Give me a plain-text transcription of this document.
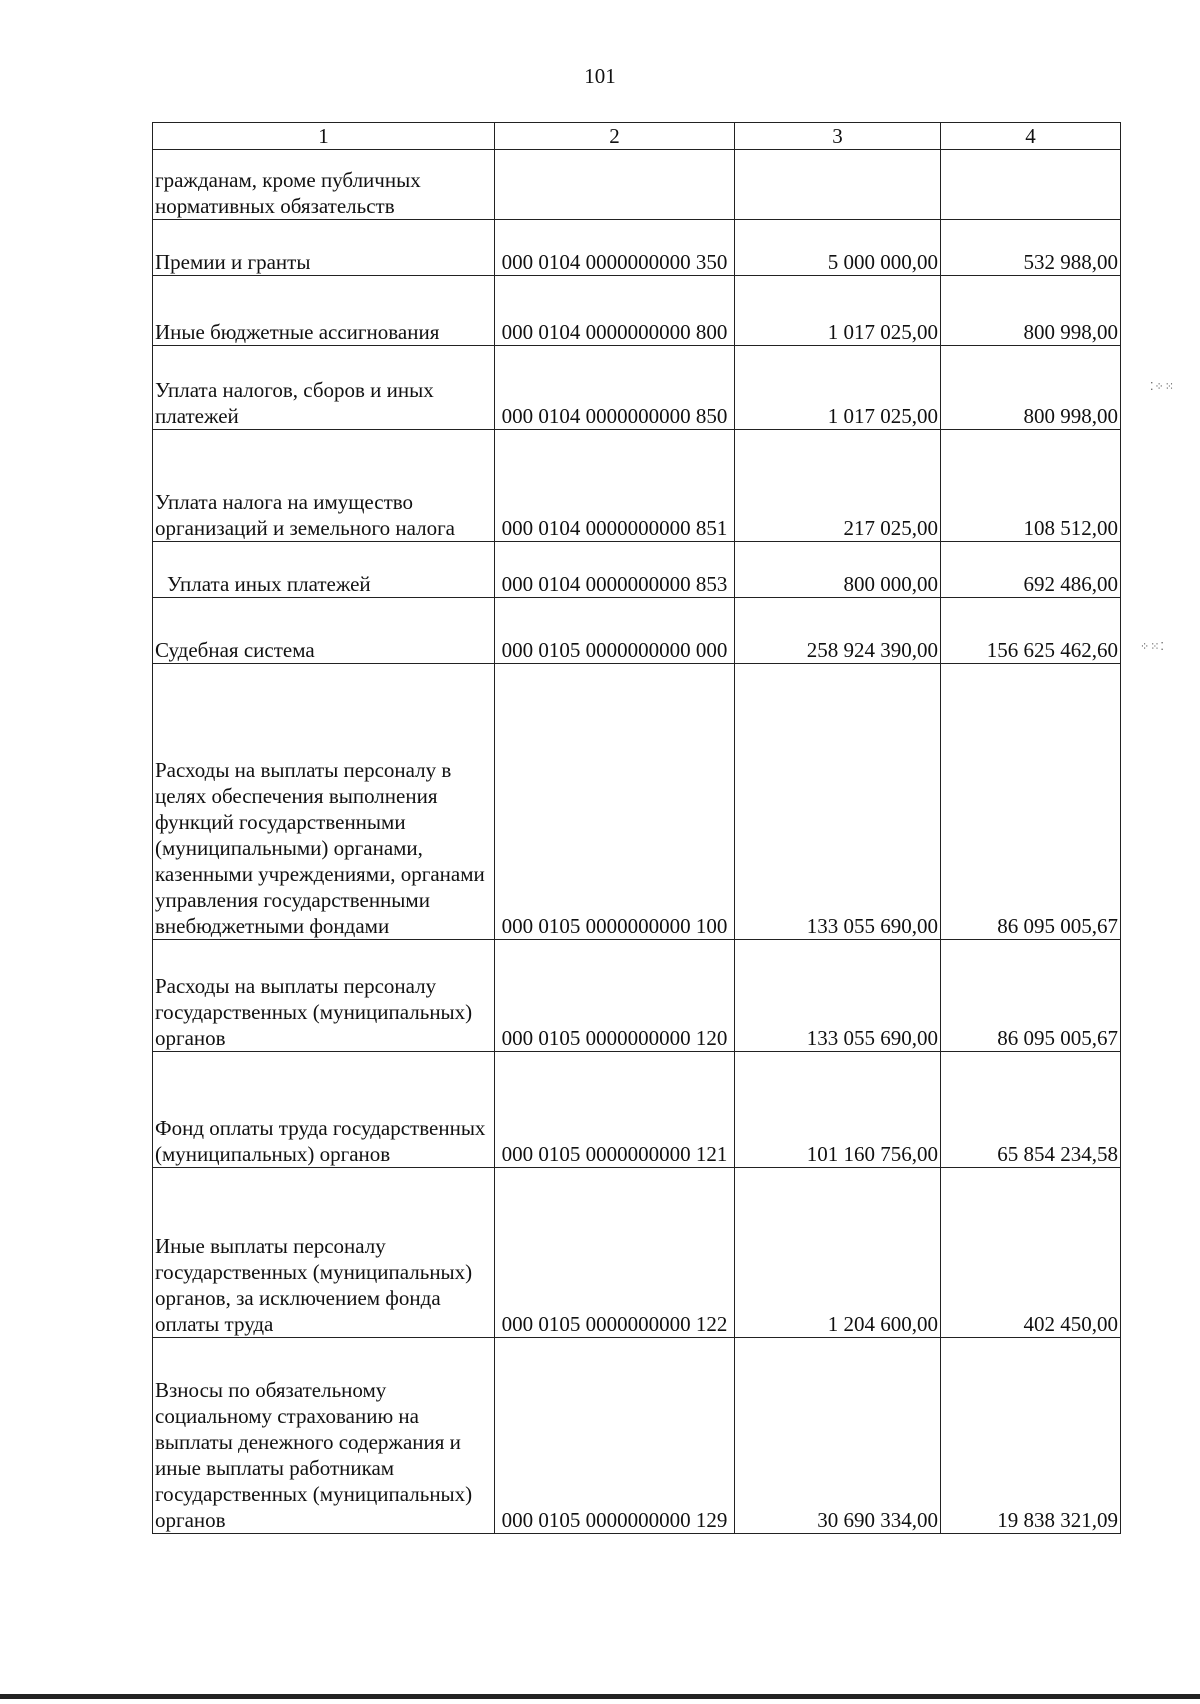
101
1	2	3	4
гражданам, кроме публичных нормативных обязательств			
Премии и гранты	000 0104 0000000000 350	5 000 000,00	532 988,00
Иные бюджетные ассигнования	000 0104 0000000000 800	1 017 025,00	800 998,00
Уплата налогов, сборов и иных платежей	000 0104 0000000000 850	1 017 025,00	800 998,00
Уплата налога на имущество организаций и земельного налога	000 0104 0000000000 851	217 025,00	108 512,00
Уплата иных платежей	000 0104 0000000000 853	800 000,00	692 486,00
Судебная система	000 0105 0000000000 000	258 924 390,00	156 625 462,60
Расходы на выплаты персоналу в целях обеспечения выполнения функций государственными (муниципальными) органами, казенными учреждениями, органами управления государственными внебюджетными фондами	000 0105 0000000000 100	133 055 690,00	86 095 005,67
Расходы на выплаты персоналу государственных (муниципальных) органов	000 0105 0000000000 120	133 055 690,00	86 095 005,67
Фонд оплаты труда государственных (муниципальных) органов	000 0105 0000000000 121	101 160 756,00	65 854 234,58
Иные выплаты персоналу государственных (муниципальных) органов, за исключением фонда оплаты труда	000 0105 0000000000 122	1 204 600,00	402 450,00
Взносы по обязательному социальному страхованию на выплаты денежного содержания и иные выплаты работникам государственных (муниципальных) органов	000 0105 0000000000 129	30 690 334,00	19 838 321,09
⁚⁘⁙
⁘⁙⁚
